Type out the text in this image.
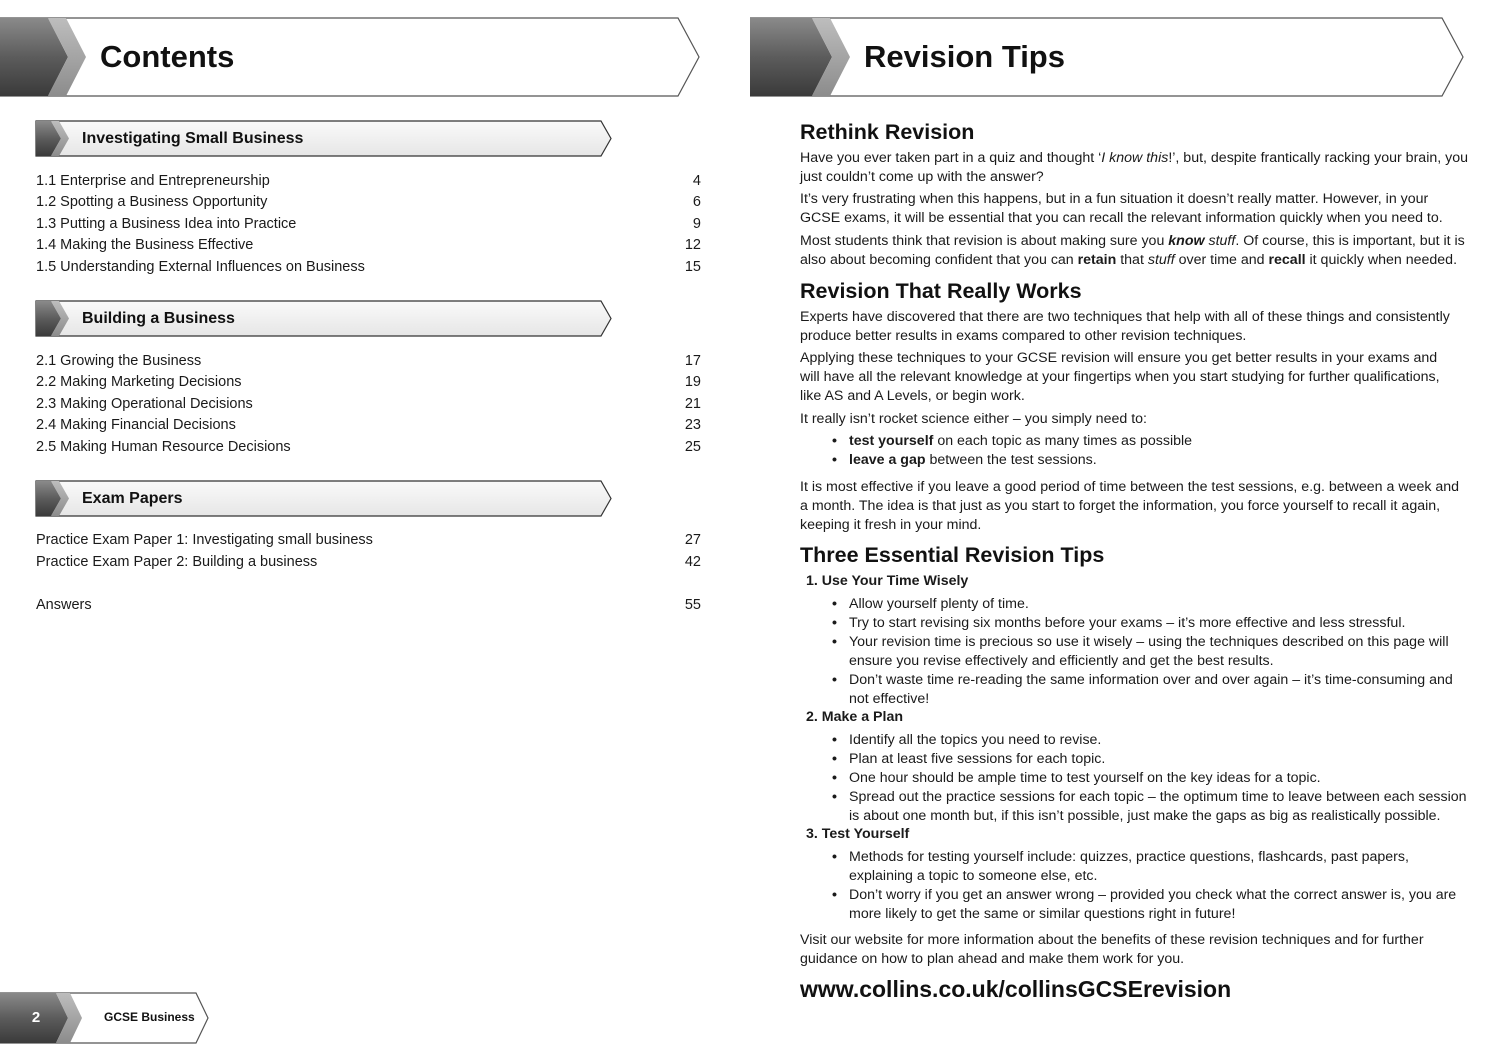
Contents	Revision Tips
Investigating Small Business
1.1 Enterprise and Entrepreneurship	4
1.2 Spotting a Business Opportunity	6
1.3 Putting a Business Idea into Practice	9
1.4 Making the Business Effective	12
1.5 Understanding External Influences on Business	15
Building a Business
2.1 Growing the Business	17
2.2 Making Marketing Decisions	19
2.3 Making Operational Decisions	21
2.4 Making Financial Decisions	23
2.5 Making Human Resource Decisions	25
Exam Papers
Practice Exam Paper 1: Investigating small business	27
Practice Exam Paper 2: Building a business	42
Answers	55
2	GCSE Business
Rethink Revision

Have you ever taken part in a quiz and thought ‘I know this!’, but, despite frantically racking your brain, you just couldn’t come up with the answer?

It’s very frustrating when this happens, but in a fun situation it doesn’t really matter. However, in your GCSE exams, it will be essential that you can recall the relevant information quickly when you need to.

Most students think that revision is about making sure you know stuff. Of course, this is important, but it is also about becoming confident that you can retain that stuff over time and recall it quickly when needed.

Revision That Really Works

Experts have discovered that there are two techniques that help with all of these things and consistently produce better results in exams compared to other revision techniques.

Applying these techniques to your GCSE revision will ensure you get better results in your exams and will have all the relevant knowledge at your fingertips when you start studying for further qualifications, like AS and A Levels, or begin work.

It really isn’t rocket science either – you simply need to:

• test yourself on each topic as many times as possible
• leave a gap between the test sessions.

It is most effective if you leave a good period of time between the test sessions, e.g. between a week and a month. The idea is that just as you start to forget the information, you force yourself to recall it again, keeping it fresh in your mind.

Three Essential Revision Tips
1. Use Your Time Wisely
• Allow yourself plenty of time.
• Try to start revising six months before your exams – it’s more effective and less stressful.
• Your revision time is precious so use it wisely – using the techniques described on this page will ensure you revise effectively and efficiently and get the best results.
• Don’t waste time re-reading the same information over and over again – it’s time-consuming and not effective!
2. Make a Plan
• Identify all the topics you need to revise.
• Plan at least five sessions for each topic.
• One hour should be ample time to test yourself on the key ideas for a topic.
• Spread out the practice sessions for each topic – the optimum time to leave between each session is about one month but, if this isn’t possible, just make the gaps as big as realistically possible.
3. Test Yourself
• Methods for testing yourself include: quizzes, practice questions, flashcards, past papers, explaining a topic to someone else, etc.
• Don’t worry if you get an answer wrong – provided you check what the correct answer is, you are more likely to get the same or similar questions right in future!

Visit our website for more information about the benefits of these revision techniques and for further guidance on how to plan ahead and make them work for you.

www.collins.co.uk/collinsGCSErevision
